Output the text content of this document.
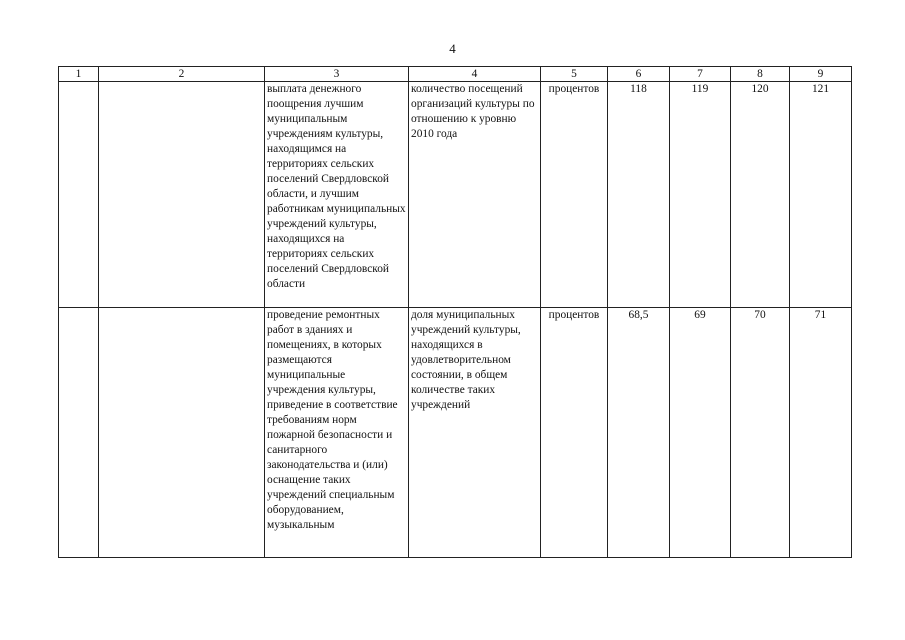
4
1	2	3	4	5	6	7	8	9
		выплата денежного поощрения лучшим муниципальным учреждениям культуры, находящимся на территориях сельских поселений Свердловской области, и лучшим работникам муниципальных учреждений культуры, находящихся на территориях сельских поселений Свердловской области	количество посещений организаций культуры по отношению к уровню 2010 года	процентов	118	119	120	121
		проведение ремонтных работ в зданиях и помещениях, в которых размещаются муниципальные учреждения культуры, приведение в соответствие требованиям норм пожарной безопасности и санитарного законодательства и (или) оснащение таких учреждений специальным оборудованием, музыкальным	доля муниципальных учреждений культуры, находящихся в удовлетворительном состоянии, в общем количестве таких учреждений	процентов	68,5	69	70	71
